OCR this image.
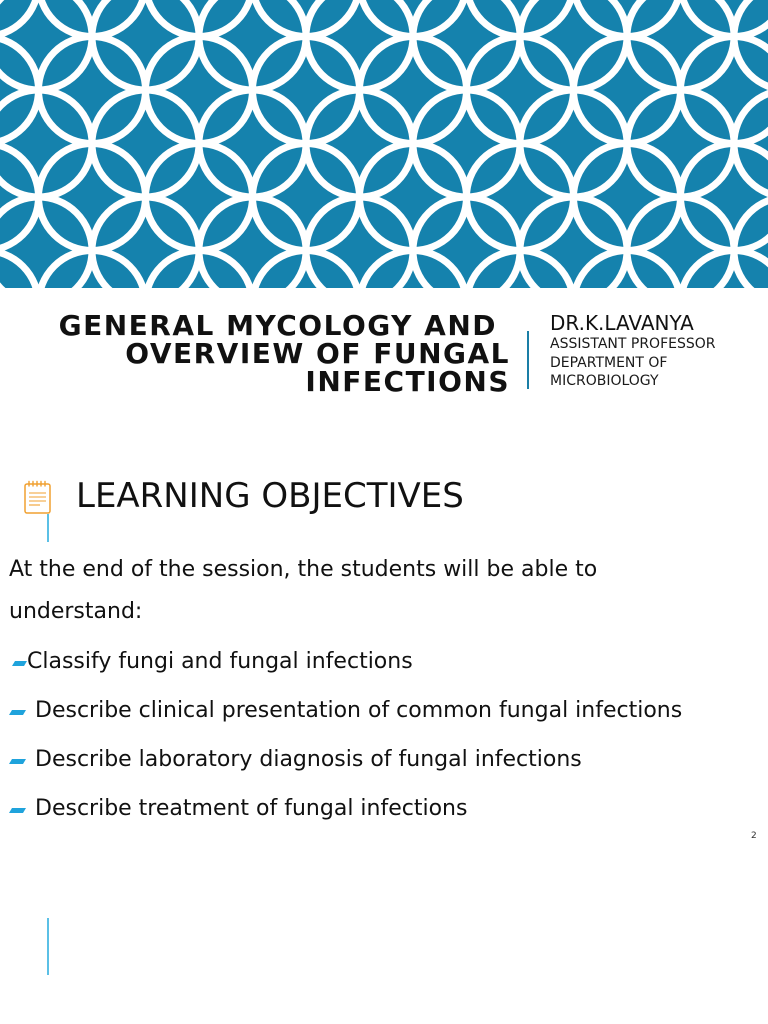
GENERAL MYCOLOGY AND
OVERVIEW OF FUNGAL
INFECTIONS
DR.K.LAVANYA
ASSISTANT PROFESSOR
DEPARTMENT OF
MICROBIOLOGY
LEARNING OBJECTIVES
At the end of the session, the students will be able to
understand:
Classify fungi and fungal infections
Describe clinical presentation of common fungal infections
Describe laboratory diagnosis of fungal infections
Describe treatment of fungal infections
2
